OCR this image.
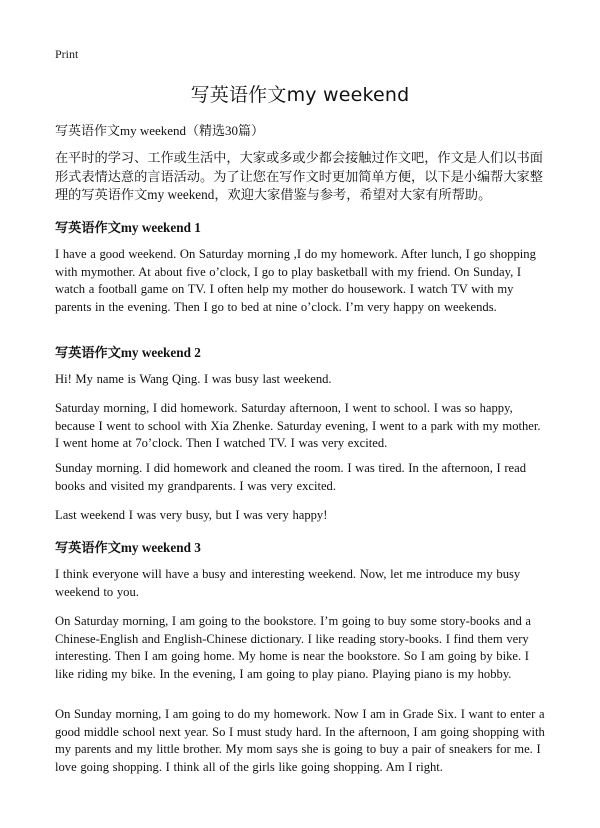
Print
写英语作文my weekend
写英语作文my weekend（精选30篇）

在平时的学习、工作或生活中，大家或多或少都会接触过作文吧，作文是人们以书面形式表情达意的言语活动。为了让您在写作文时更加简单方便，以下是小编帮大家整理的写英语作文my weekend，欢迎大家借鉴与参考，希望对大家有所帮助。

写英语作文my weekend 1

I have a good weekend. On Saturday morning ,I do my homework. After lunch, I go shopping with mymother. At about five o’clock, I go to play basketball with my friend. On Sunday, I watch a football game on TV. I often help my mother do housework. I watch TV with my parents in the evening. Then I go to bed at nine o’clock. I’m very happy on weekends.

写英语作文my weekend 2

Hi! My name is Wang Qing. I was busy last weekend.

Saturday morning, I did homework. Saturday afternoon, I went to school. I was so happy, because I went to school with Xia Zhenke. Saturday evening, I went to a park with my mother. I went home at 7o’clock. Then I watched TV. I was very excited.

Sunday morning. I did homework and cleaned the room. I was tired. In the afternoon, I read books and visited my grandparents. I was very excited.

Last weekend I was very busy, but I was very happy!

写英语作文my weekend 3

I think everyone will have a busy and interesting weekend. Now, let me introduce my busy weekend to you.

On Saturday morning, I am going to the bookstore. I’m going to buy some story-books and a Chinese-English and English-Chinese dictionary. I like reading story-books. I find them very interesting. Then I am going home. My home is near the bookstore. So I am going by bike. I like riding my bike. In the evening, I am going to play piano. Playing piano is my hobby.

On Sunday morning, I am going to do my homework. Now I am in Grade Six. I want to enter a good middle school next year. So I must study hard. In the afternoon, I am going shopping with my parents and my little brother. My mom says she is going to buy a pair of sneakers for me. I love going shopping. I think all of the girls like going shopping. Am I right.
